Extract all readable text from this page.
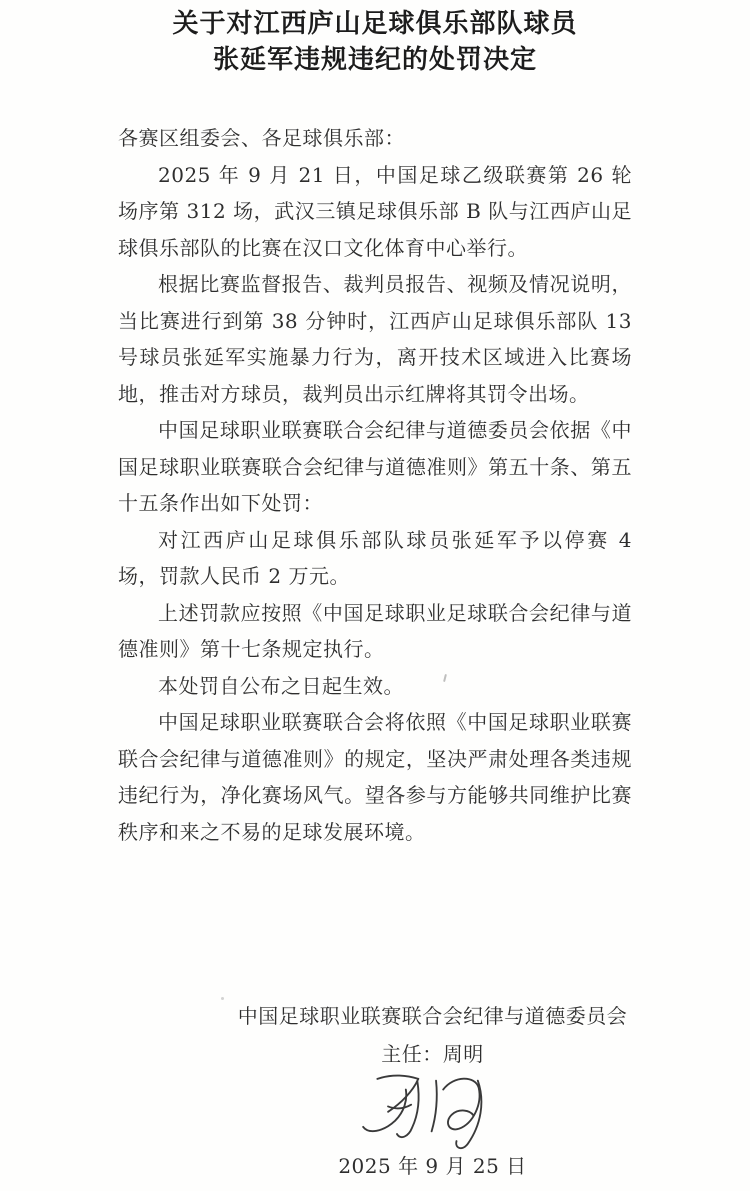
关于对江西庐山足球俱乐部队球员
张延军违规违纪的处罚决定

各赛区组委会、各足球俱乐部：

2025 年 9 月 21 日，中国足球乙级联赛第 26 轮场序第 312 场，武汉三镇足球俱乐部 B 队与江西庐山足球俱乐部队的比赛在汉口文化体育中心举行。

根据比赛监督报告、裁判员报告、视频及情况说明，当比赛进行到第 38 分钟时，江西庐山足球俱乐部队 13 号球员张延军实施暴力行为，离开技术区域进入比赛场地，推击对方球员，裁判员出示红牌将其罚令出场。

中国足球职业联赛联合会纪律与道德委员会依据《中国足球职业联赛联合会纪律与道德准则》第五十条、第五十五条作出如下处罚：

对江西庐山足球俱乐部队球员张延军予以停赛 4 场，罚款人民币 2 万元。

上述罚款应按照《中国足球职业足球联合会纪律与道德准则》第十七条规定执行。

本处罚自公布之日起生效。

中国足球职业联赛联合会将依照《中国足球职业联赛联合会纪律与道德准则》的规定，坚决严肃处理各类违规违纪行为，净化赛场风气。望各参与方能够共同维护比赛秩序和来之不易的足球发展环境。

中国足球职业联赛联合会纪律与道德委员会
主任：周明
2025 年 9 月 25 日
